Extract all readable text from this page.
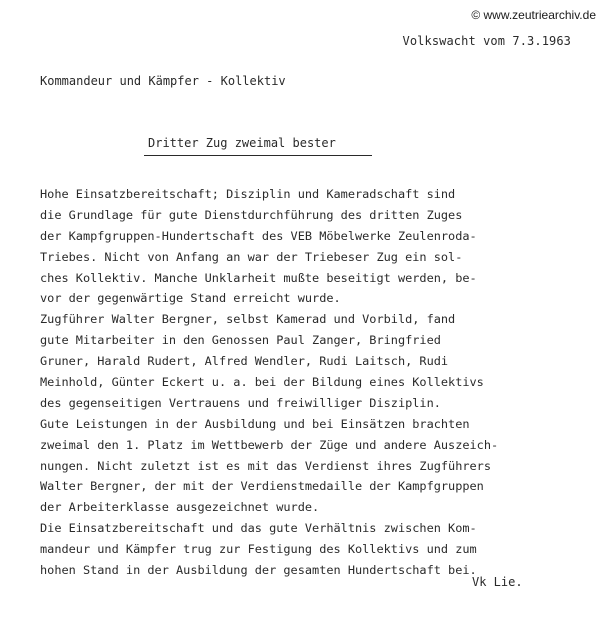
© www.zeutriearchiv.de
Volkswacht vom 7.3.1963
Kommandeur und Kämpfer - Kollektiv
Dritter Zug zweimal bester
Hohe Einsatzbereitschaft; Disziplin und Kameradschaft sind
die Grundlage für gute Dienstdurchführung des dritten Zuges
der Kampfgruppen-Hundertschaft des VEB Möbelwerke Zeulenroda-
Triebes. Nicht von Anfang an war der Triebeser Zug ein sol-
ches Kollektiv. Manche Unklarheit mußte beseitigt werden, be-
vor der gegenwärtige Stand erreicht wurde.
Zugführer Walter Bergner, selbst Kamerad und Vorbild, fand
gute Mitarbeiter in den Genossen Paul Zanger, Bringfried
Gruner, Harald Rudert, Alfred Wendler, Rudi Laitsch, Rudi
Meinhold, Günter Eckert u. a. bei der Bildung eines Kollektivs
des gegenseitigen Vertrauens und freiwilliger Disziplin.
Gute Leistungen in der Ausbildung und bei Einsätzen brachten
zweimal den 1. Platz im Wettbewerb der Züge und andere Auszeich-
nungen. Nicht zuletzt ist es mit das Verdienst ihres Zugführers
Walter Bergner, der mit der Verdienstmedaille der Kampfgruppen
der Arbeiterklasse ausgezeichnet wurde.
Die Einsatzbereitschaft und das gute Verhältnis zwischen Kom-
mandeur und Kämpfer trug zur Festigung des Kollektivs und zum
hohen Stand in der Ausbildung der gesamten Hundertschaft bei.
Vk Lie.
